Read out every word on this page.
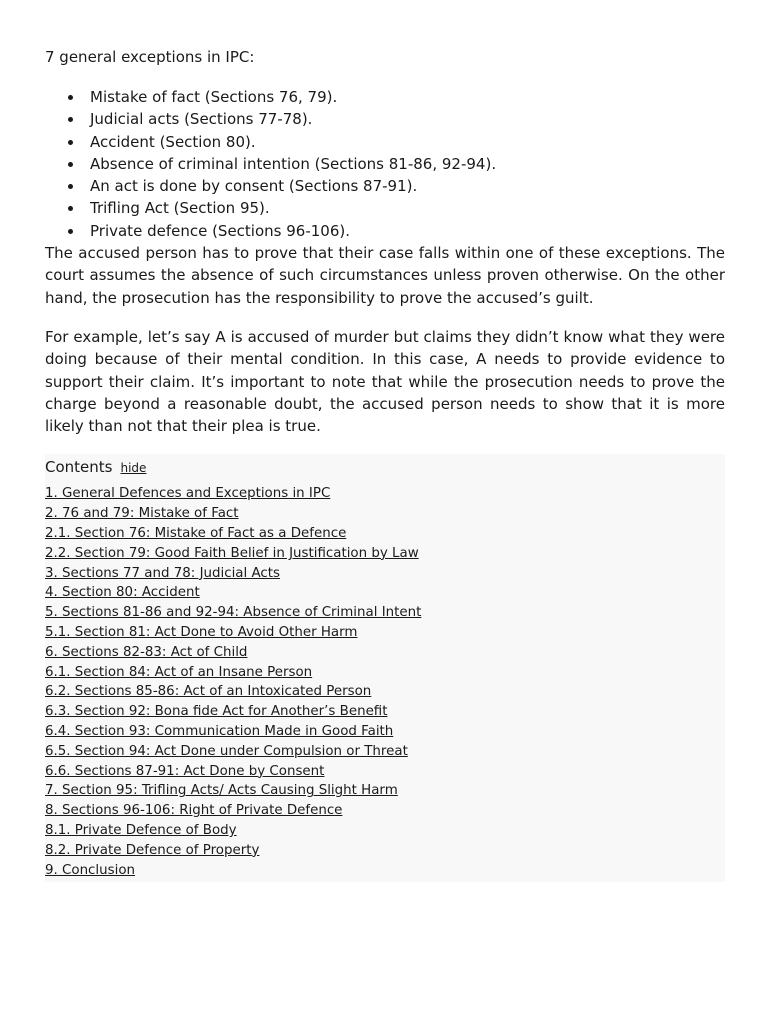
7 general exceptions in IPC:

Mistake of fact (Sections 76, 79).
Judicial acts (Sections 77-78).
Accident (Section 80).
Absence of criminal intention (Sections 81-86, 92-94).
An act is done by consent (Sections 87-91).
Trifling Act (Section 95).
Private defence (Sections 96-106).

The accused person has to prove that their case falls within one of these exceptions. The court assumes the absence of such circumstances unless proven otherwise. On the other hand, the prosecution has the responsibility to prove the accused’s guilt.

For example, let’s say A is accused of murder but claims they didn’t know what they were doing because of their mental condition. In this case, A needs to provide evidence to support their claim. It’s important to note that while the prosecution needs to prove the charge beyond a reasonable doubt, the accused person needs to show that it is more likely than not that their plea is true.

Contents hide
1. General Defences and Exceptions in IPC
2. 76 and 79: Mistake of Fact
2.1. Section 76: Mistake of Fact as a Defence
2.2. Section 79: Good Faith Belief in Justification by Law
3. Sections 77 and 78: Judicial Acts
4. Section 80: Accident
5. Sections 81-86 and 92-94: Absence of Criminal Intent
5.1. Section 81: Act Done to Avoid Other Harm
6. Sections 82-83: Act of Child
6.1. Section 84: Act of an Insane Person
6.2. Sections 85-86: Act of an Intoxicated Person
6.3. Section 92: Bona fide Act for Another’s Benefit
6.4. Section 93: Communication Made in Good Faith
6.5. Section 94: Act Done under Compulsion or Threat
6.6. Sections 87-91: Act Done by Consent
7. Section 95: Trifling Acts/ Acts Causing Slight Harm
8. Sections 96-106: Right of Private Defence
8.1. Private Defence of Body
8.2. Private Defence of Property
9. Conclusion
